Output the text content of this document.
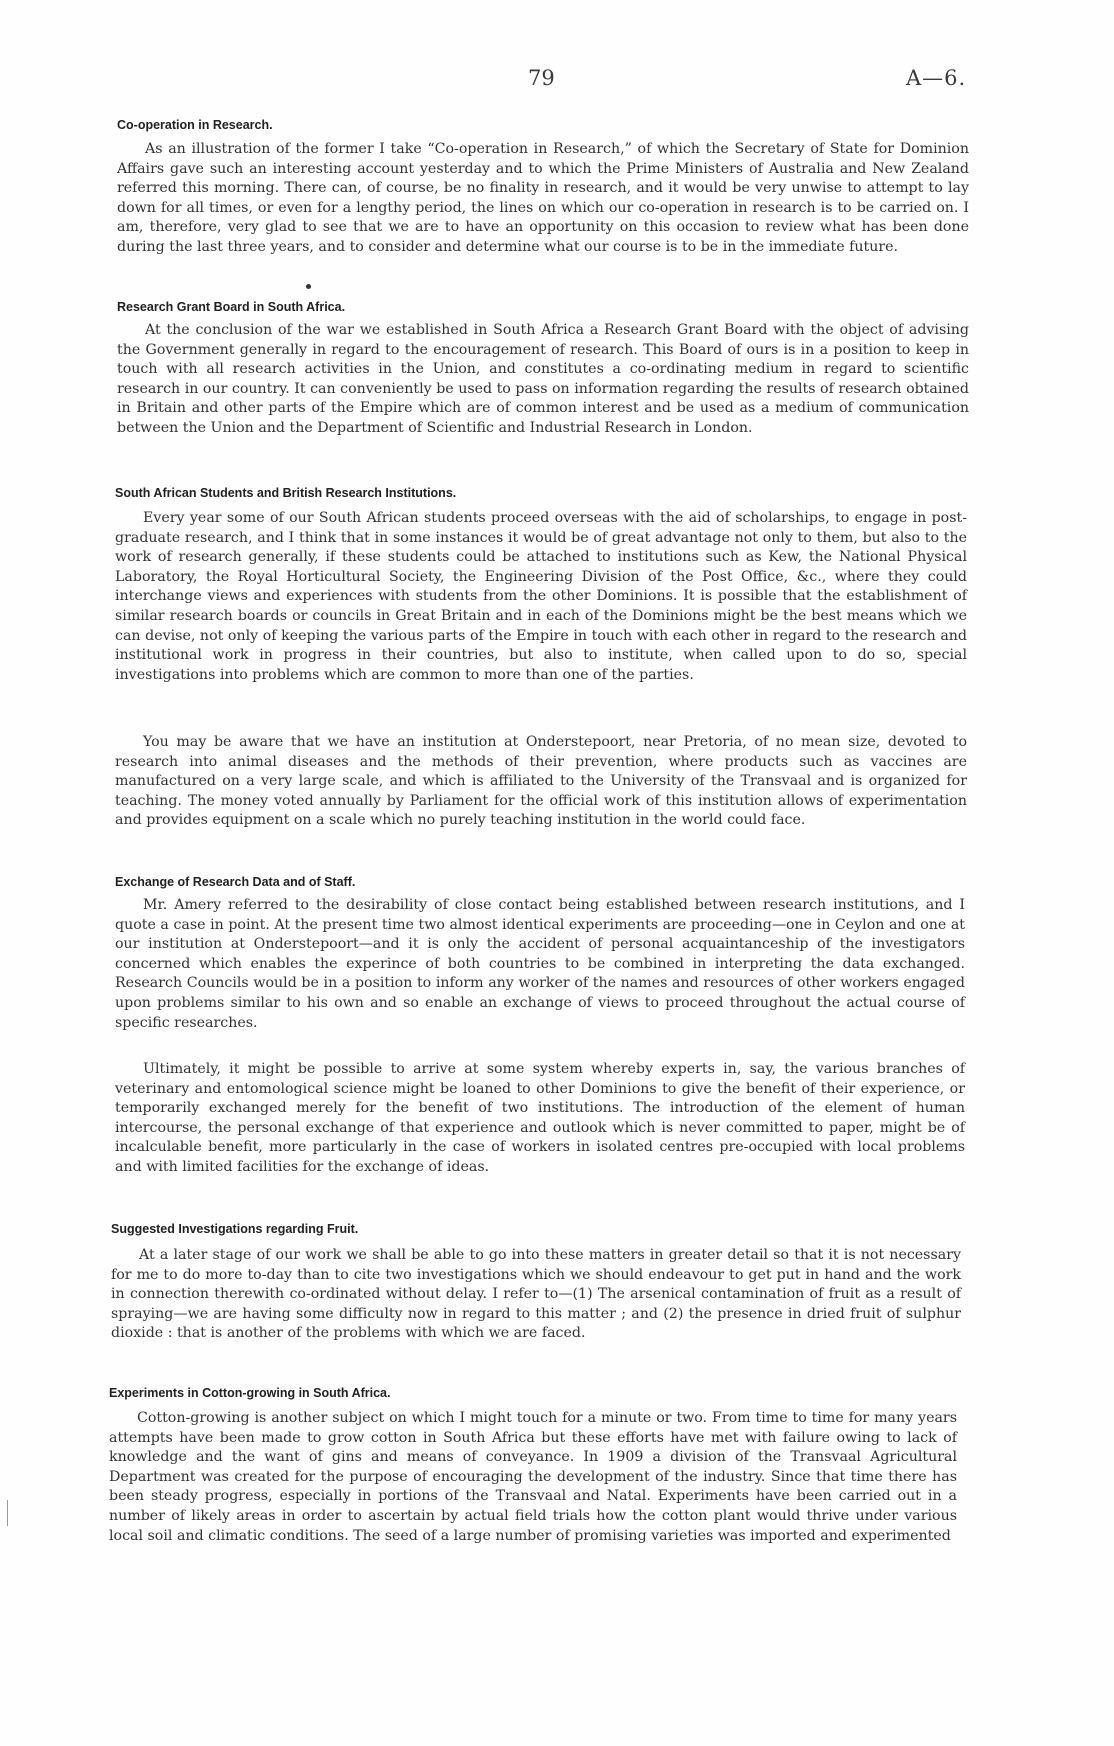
79	A—6.
Co-operation in Research.

As an illustration of the former I take “Co-operation in Research,” of which the Secretary of State for Dominion Affairs gave such an interesting account yesterday and to which the Prime Ministers of Australia and New Zealand referred this morning. There can, of course, be no finality in research, and it would be very unwise to attempt to lay down for all times, or even for a lengthy period, the lines on which our co-operation in research is to be carried on. I am, therefore, very glad to see that we are to have an opportunity on this occasion to review what has been done during the last three years, and to consider and determine what our course is to be in the immediate future.

Research Grant Board in South Africa.

At the conclusion of the war we established in South Africa a Research Grant Board with the object of advising the Government generally in regard to the encouragement of research. This Board of ours is in a position to keep in touch with all research activities in the Union, and constitutes a co-ordinating medium in regard to scientific research in our country. It can conveniently be used to pass on information regarding the results of research obtained in Britain and other parts of the Empire which are of common interest and be used as a medium of communication between the Union and the Department of Scientific and Industrial Research in London.

South African Students and British Research Institutions.

Every year some of our South African students proceed overseas with the aid of scholarships, to engage in post-graduate research, and I think that in some instances it would be of great advantage not only to them, but also to the work of research generally, if these students could be attached to institutions such as Kew, the National Physical Laboratory, the Royal Horticultural Society, the Engineering Division of the Post Office, &c., where they could interchange views and experiences with students from the other Dominions. It is possible that the establishment of similar research boards or councils in Great Britain and in each of the Dominions might be the best means which we can devise, not only of keeping the various parts of the Empire in touch with each other in regard to the research and institutional work in progress in their countries, but also to institute, when called upon to do so, special investigations into problems which are common to more than one of the parties.

You may be aware that we have an institution at Onderstepoort, near Pretoria, of no mean size, devoted to research into animal diseases and the methods of their prevention, where products such as vaccines are manufactured on a very large scale, and which is affiliated to the University of the Transvaal and is organized for teaching. The money voted annually by Parliament for the official work of this institution allows of experimentation and provides equipment on a scale which no purely teaching institution in the world could face.

Exchange of Research Data and of Staff.

Mr. Amery referred to the desirability of close contact being established between research institutions, and I quote a case in point. At the present time two almost identical experiments are proceeding—one in Ceylon and one at our institution at Onderstepoort—and it is only the accident of personal acquaintanceship of the investigators concerned which enables the experince of both countries to be combined in interpreting the data exchanged. Research Councils would be in a position to inform any worker of the names and resources of other workers engaged upon problems similar to his own and so enable an exchange of views to proceed throughout the actual course of specific researches.

Ultimately, it might be possible to arrive at some system whereby experts in, say, the various branches of veterinary and entomological science might be loaned to other Dominions to give the benefit of their experience, or temporarily exchanged merely for the benefit of two institutions. The introduction of the element of human intercourse, the personal exchange of that experience and outlook which is never committed to paper, might be of incalculable benefit, more particularly in the case of workers in isolated centres pre-occupied with local problems and with limited facilities for the exchange of ideas.

Suggested Investigations regarding Fruit.

At a later stage of our work we shall be able to go into these matters in greater detail so that it is not necessary for me to do more to-day than to cite two investigations which we should endeavour to get put in hand and the work in connection therewith co-ordinated without delay. I refer to—(1) The arsenical contamination of fruit as a result of spraying—we are having some difficulty now in regard to this matter ; and (2) the presence in dried fruit of sulphur dioxide : that is another of the problems with which we are faced.

Experiments in Cotton-growing in South Africa.

Cotton-growing is another subject on which I might touch for a minute or two. From time to time for many years attempts have been made to grow cotton in South Africa but these efforts have met with failure owing to lack of knowledge and the want of gins and means of conveyance. In 1909 a division of the Transvaal Agricultural Department was created for the purpose of encouraging the development of the industry. Since that time there has been steady progress, especially in portions of the Transvaal and Natal. Experiments have been carried out in a number of likely areas in order to ascertain by actual field trials how the cotton plant would thrive under various local soil and climatic conditions. The seed of a large number of promising varieties was imported and experimented
